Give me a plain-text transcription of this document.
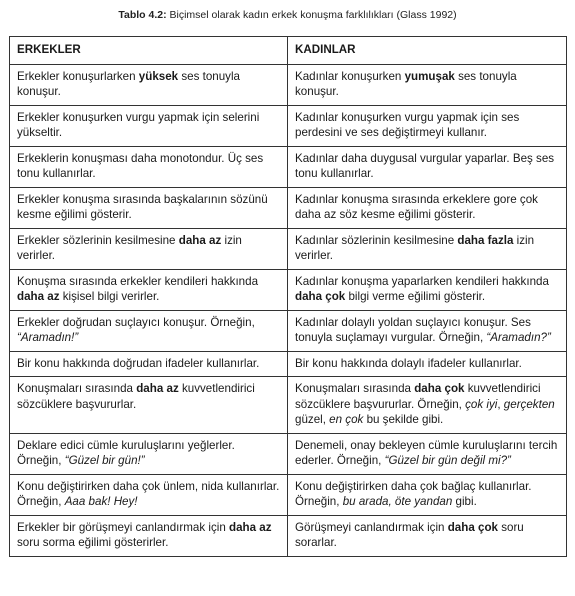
Tablo 4.2: Biçimsel olarak kadın erkek konuşma farklılıkları (Glass 1992)
ERKEKLER	KADINLAR
Erkekler konuşurlarken yüksek ses tonuyla konuşur.	Kadınlar konuşurken yumuşak ses tonuyla konuşur.
Erkekler konuşurken vurgu yapmak için selerini yükseltir.	Kadınlar konuşurken vurgu yapmak için ses perdesini ve ses değiştirmeyi kullanır.
Erkeklerin konuşması daha monotondur. Üç ses tonu kullanırlar.	Kadınlar daha duygusal vurgular yaparlar. Beş ses tonu kullanırlar.
Erkekler konuşma sırasında başkalarının sözünü kesme eğilimi gösterir.	Kadınlar konuşma sırasında erkeklere gore çok daha az söz kesme eğilimi gösterir.
Erkekler sözlerinin kesilmesine daha az izin verirler.	Kadınlar sözlerinin kesilmesine daha fazla izin verirler.
Konuşma sırasında erkekler kendileri hakkında daha az kişisel bilgi verirler.	Kadınlar konuşma yaparlarken kendileri hakkında daha çok bilgi verme eğilimi gösterir.
Erkekler doğrudan suçlayıcı konuşur. Örneğin, “Aramadın!”	Kadınlar dolaylı yoldan suçlayıcı konuşur. Ses tonuyla suçlamayı vurgular. Örneğin, “Aramadın?”
Bir konu hakkında doğrudan ifadeler kullanırlar.	Bir konu hakkında dolaylı ifadeler kullanırlar.
Konuşmaları sırasında daha az kuvvetlendirici sözcüklere başvururlar.	Konuşmaları sırasında daha çok kuvvetlendirici sözcüklere başvururlar. Örneğin, çok iyi, gerçekten güzel, en çok bu şekilde gibi.
Deklare edici cümle kuruluşlarını yeğlerler. Örneğin, “Güzel bir gün!”	Denemeli, onay bekleyen cümle kuruluşlarını tercih ederler. Örneğin, “Güzel bir gün değil mi?”
Konu değiştirirken daha çok ünlem, nida kullanırlar. Örneğin, Aaa bak! Hey!	Konu değiştirirken daha çok bağlaç kullanırlar. Örneğin, bu arada, öte yandan gibi.
Erkekler bir görüşmeyi canlandırmak için daha az soru sorma eğilimi gösterirler.	Görüşmeyi canlandırmak için daha çok soru sorarlar.
